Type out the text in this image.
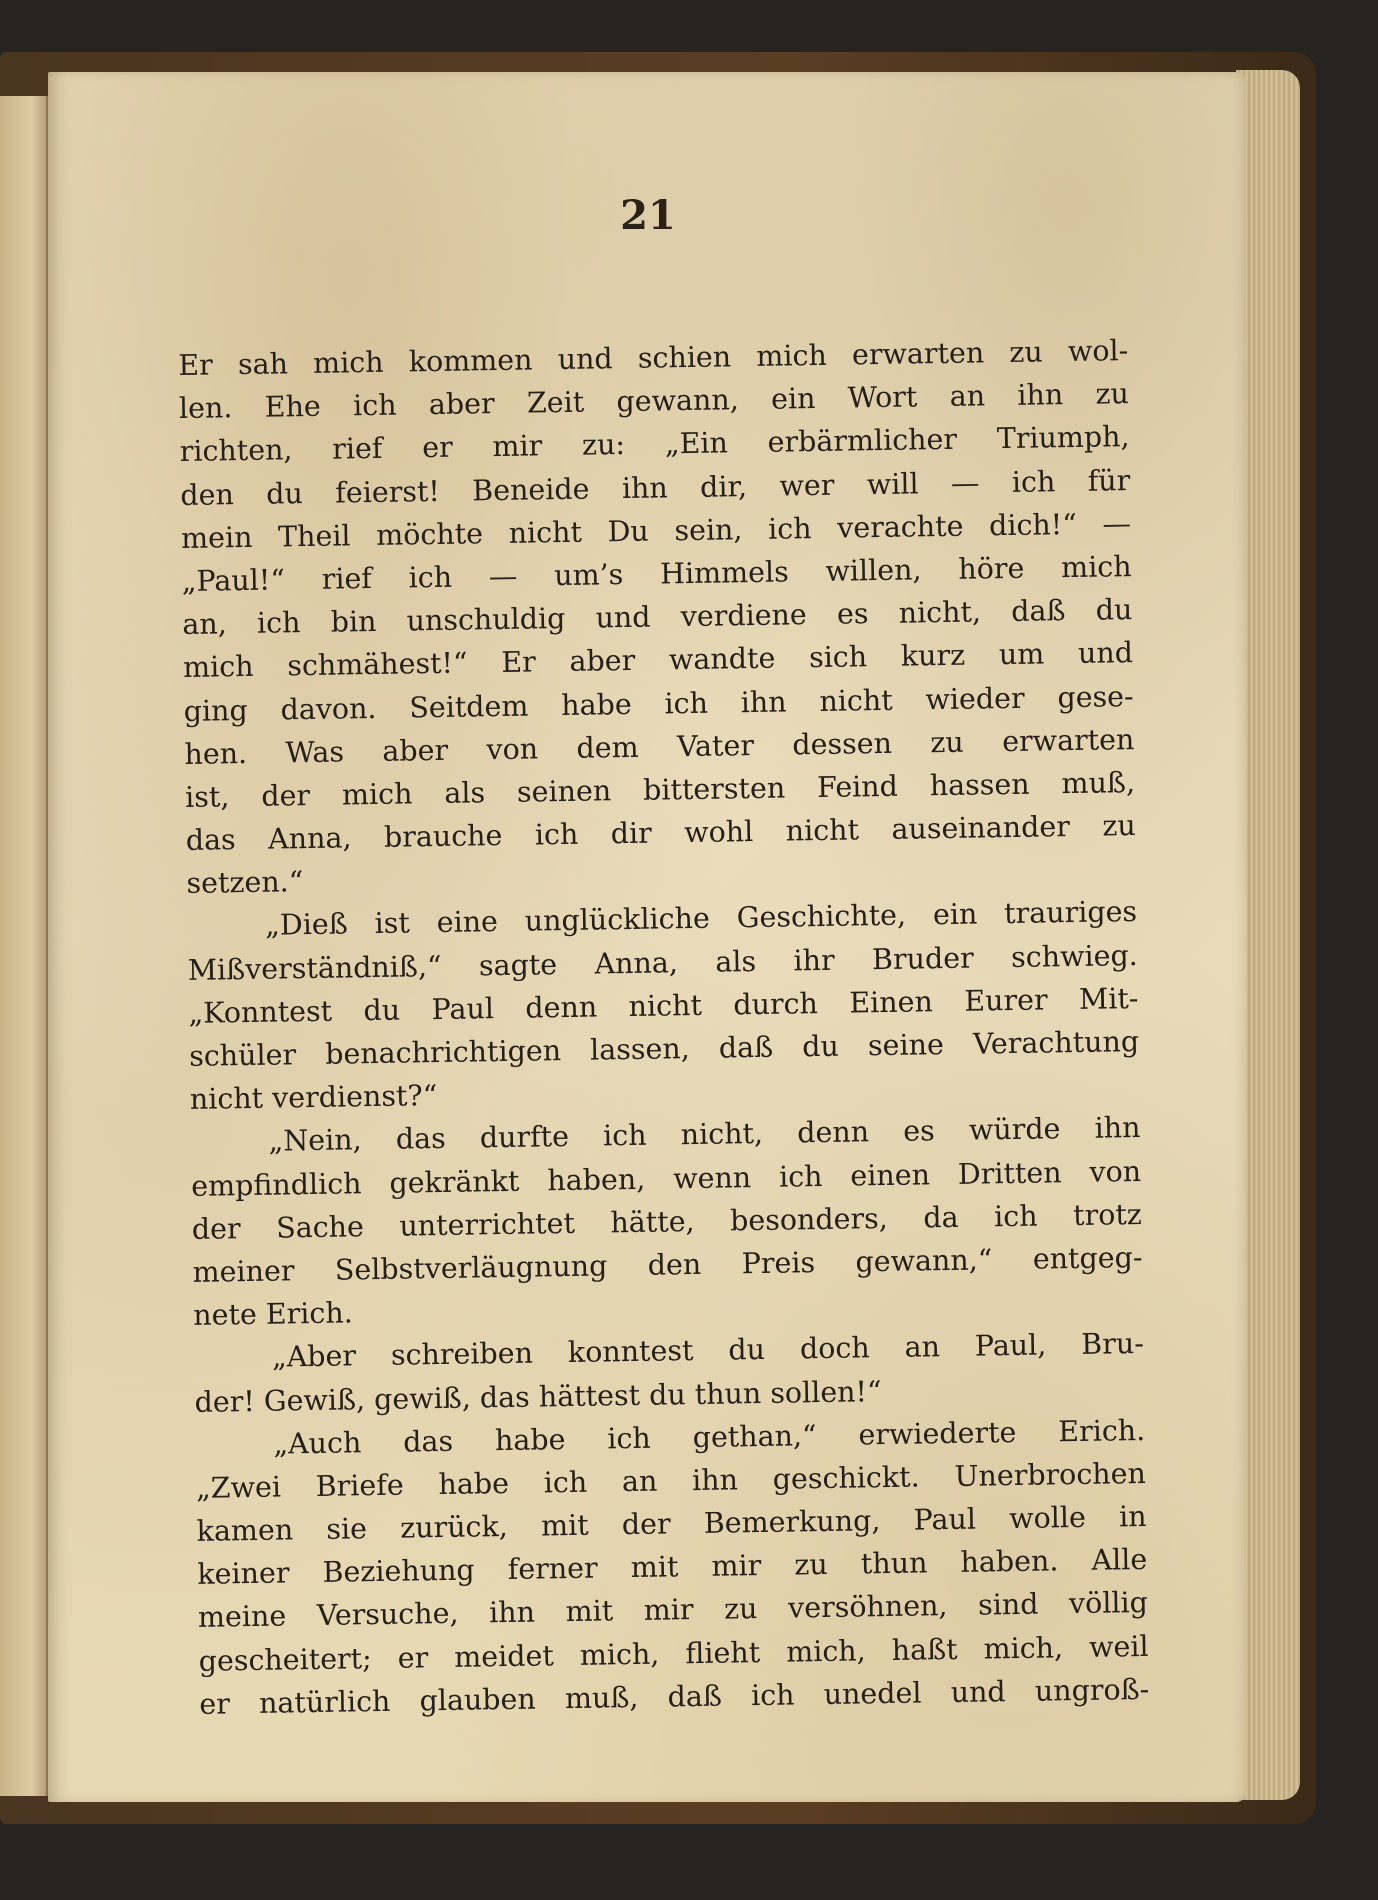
21
Er sah mich kommen und schien mich erwarten zu wol-
len. Ehe ich aber Zeit gewann, ein Wort an ihn zu
richten, rief er mir zu: „Ein erbärmlicher Triumph,
den du feierst! Beneide ihn dir, wer will — ich für
mein Theil möchte nicht Du sein, ich verachte dich!“ —
„Paul!“ rief ich — um’s Himmels willen, höre mich
an, ich bin unschuldig und verdiene es nicht, daß du
mich schmähest!“ Er aber wandte sich kurz um und
ging davon. Seitdem habe ich ihn nicht wieder gese-
hen. Was aber von dem Vater dessen zu erwarten
ist, der mich als seinen bittersten Feind hassen muß,
das Anna, brauche ich dir wohl nicht auseinander zu
setzen.“
„Dieß ist eine unglückliche Geschichte, ein trauriges
Mißverständniß,“ sagte Anna, als ihr Bruder schwieg.
„Konntest du Paul denn nicht durch Einen Eurer Mit-
schüler benachrichtigen lassen, daß du seine Verachtung
nicht verdienst?“
„Nein, das durfte ich nicht, denn es würde ihn
empfindlich gekränkt haben, wenn ich einen Dritten von
der Sache unterrichtet hätte, besonders, da ich trotz
meiner Selbstverläugnung den Preis gewann,“ entgeg-
nete Erich.
„Aber schreiben konntest du doch an Paul, Bru-
der! Gewiß, gewiß, das hättest du thun sollen!“
„Auch das habe ich gethan,“ erwiederte Erich.
„Zwei Briefe habe ich an ihn geschickt. Unerbrochen
kamen sie zurück, mit der Bemerkung, Paul wolle in
keiner Beziehung ferner mit mir zu thun haben. Alle
meine Versuche, ihn mit mir zu versöhnen, sind völlig
gescheitert; er meidet mich, flieht mich, haßt mich, weil
er natürlich glauben muß, daß ich unedel und ungroß-
